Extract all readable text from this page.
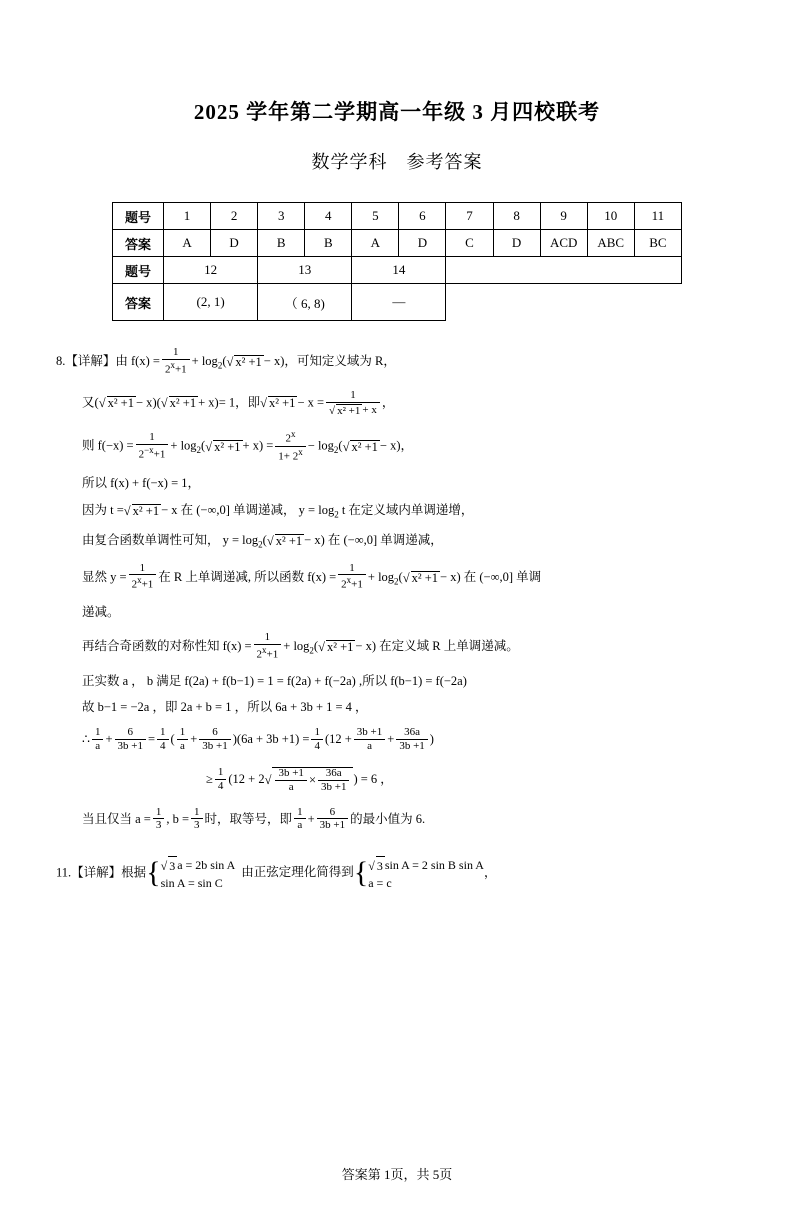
2025 学年第二学期高一年级 3 月四校联考
数学学科　参考答案
题号	1	2	3	4	5	6	7	8	9	10	11
答案	A	D	B	B	A	D	C	D	ACD	ABC	BC
题号	12		13		14						
答案	(2, 1)		（ 6, 8)		—						
8.【详解】由 $f(x) = \frac{1}{2^x+1} + \log_2(√$ x² +1 − x)，可知定义域为 R，
又(√ x² +1 − x)(√ x² +1 + x)= 1，即√ $x^2 +1 - x = \frac{1}{\text{√ x² +1 + x}}$ ，
则 $f(-x) = \frac{1}{2^{-x}+1} + \log_2(√$ $x^2 +1 + x) = \frac{2^x}{1+ 2^x} - \log_2(√$ x² +1 − x)，
所以 f(x) + f(−x) = 1，
因为 t =√ x² +1 − x 在 (−∞,0] 单调递减， $y = \log_2 t$ 在定义域内单调递增，
由复合函数单调性可知， $y = \log_2(√$ x² +1 − x) 在 (−∞,0] 单调递减，
显然 $y = \frac{1}{2^x+1}$ 在 R 上单调递减, 所以函数 $f(x) = \frac{1}{2^x+1} + \log_2(√$ x² +1 − x) 在 (−∞,0] 单调
递减。
再结合奇函数的对称性知 $f(x) = \frac{1}{2^x+1} + \log_2(√$ x² +1 − x) 在定义域 R 上单调递减。
正实数 a ， b 满足 f(2a) + f(b−1) = 1 = f(2a) + f(−2a) ,所以 f(b−1) = f(−2a)
故 b−1 = −2a ，即 2a + b = 1 ，所以 6a + 3b + 1 = 4 ，
∴ $\frac{1}{a} + \frac{6}{3b +1} = \frac{1}{4}$ ( $\frac{1}{a} + \frac{6}{3b +1} )(6a + 3b +1) = \frac{1}{4} (12 + \frac{3b +1}{a} + \frac{36a}{3b +1}$ )
≥ $\frac{1}{4} (12 + 2√ \frac{3b +1}{a} \times \frac{36a}{3b +1}$ ) = 6 ，
当且仅当 $a = \frac{1}{3}$ , $b = \frac{1}{3}$ 时，取等号，即 $\frac{1}{a} + \frac{6}{3b +1}$ 的最小值为 6.
11.【详解】根据{ √ 3 a = 2b sin A
sin A = sin C
由正弦定理化简得到{ √ 3 sin A = 2 sin B sin A
a = c
，
答案第 1页，共 5页
